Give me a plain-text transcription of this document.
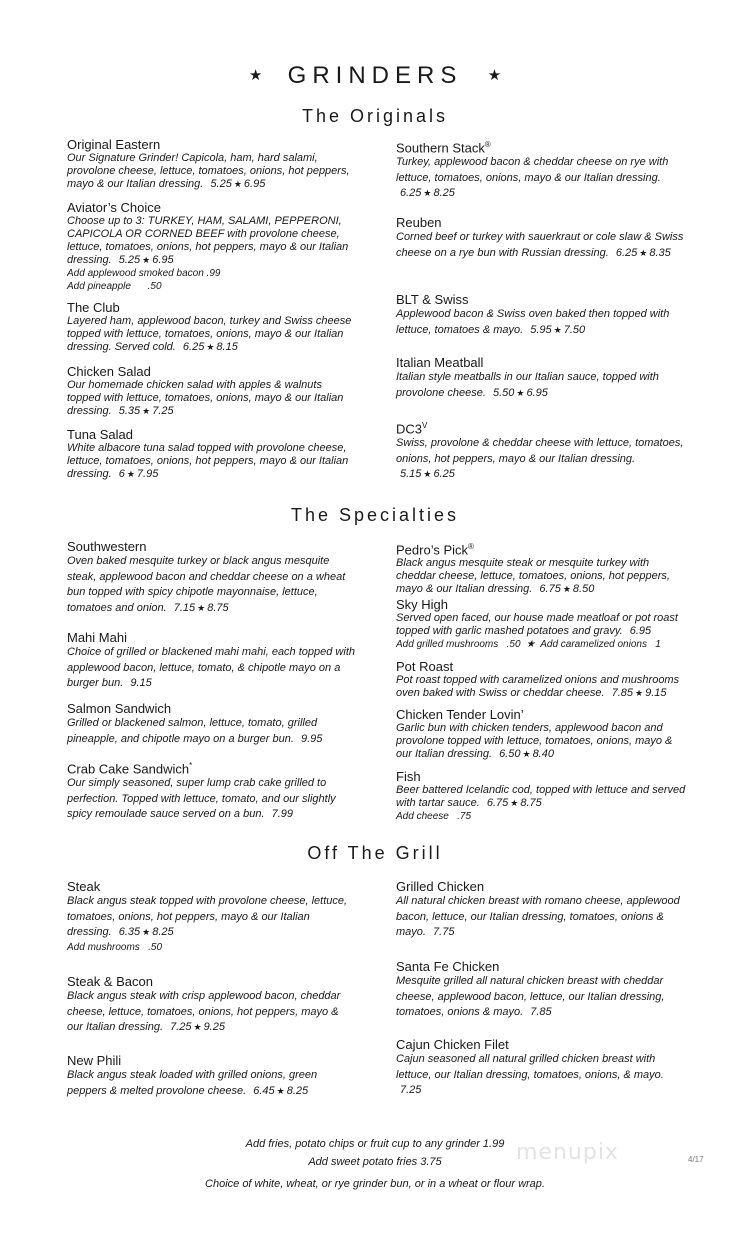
★ GRINDERS ★
The Originals
Original Eastern
Our Signature Grinder! Capicola, ham, hard salami, provolone cheese, lettuce, tomatoes, onions, hot peppers, mayo & our Italian dressing. 5.25 ★ 6.95
Aviator’s Choice
Choose up to 3: TURKEY, HAM, SALAMI, PEPPERONI, CAPICOLA OR CORNED BEEF with provolone cheese, lettuce, tomatoes, onions, hot peppers, mayo & our Italian dressing. 5.25 ★ 6.95
Add applewood smoked bacon .99
Add pineapple      .50
The Club
Layered ham, applewood bacon, turkey and Swiss cheese topped with lettuce, tomatoes, onions, mayo & our Italian dressing. Served cold. 6.25 ★ 8.15
Chicken Salad
Our homemade chicken salad with apples & walnuts topped with lettuce, tomatoes, onions, mayo & our Italian dressing. 5.35 ★ 7.25
Tuna Salad
White albacore tuna salad topped with provolone cheese, lettuce, tomatoes, onions, hot peppers, mayo & our Italian dressing. 6 ★ 7.95
Southern Stack®
Turkey, applewood bacon & cheddar cheese on rye with lettuce, tomatoes, onions, mayo & our Italian dressing. 6.25 ★ 8.25
Reuben
Corned beef or turkey with sauerkraut or cole slaw & Swiss cheese on a rye bun with Russian dressing. 6.25 ★ 8.35
BLT & Swiss
Applewood bacon & Swiss oven baked then topped with lettuce, tomatoes & mayo. 5.95 ★ 7.50
Italian Meatball
Italian style meatballs in our Italian sauce, topped with provolone cheese. 5.50 ★ 6.95
$DC3^V$
Swiss, provolone & cheddar cheese with lettuce, tomatoes, onions, hot peppers, mayo & our Italian dressing. 5.15 ★ 6.25
The Specialties
Southwestern
Oven baked mesquite turkey or black angus mesquite steak, applewood bacon and cheddar cheese on a wheat bun topped with spicy chipotle mayonnaise, lettuce, tomatoes and onion. 7.15 ★ 8.75
Mahi Mahi
Choice of grilled or blackened mahi mahi, each topped with applewood bacon, lettuce, tomato, & chipotle mayo on a burger bun. 9.15
Salmon Sandwich
Grilled or blackened salmon, lettuce, tomato, grilled pineapple, and chipotle mayo on a burger bun. 9.95
Crab Cake Sandwich*
Our simply seasoned, super lump crab cake grilled to perfection. Topped with lettuce, tomato, and our slightly spicy remoulade sauce served on a bun. 7.99
Pedro’s Pick®
Black angus mesquite steak or mesquite turkey with cheddar cheese, lettuce, tomatoes, onions, hot peppers, mayo & our Italian dressing. 6.75 ★ 8.50
Sky High
Served open faced, our house made meatloaf or pot roast topped with garlic mashed potatoes and gravy. 6.95
Add grilled mushrooms   .50  ★  Add caramelized onions   1
Pot Roast
Pot roast topped with caramelized onions and mushrooms oven baked with Swiss or cheddar cheese. 7.85 ★ 9.15
Chicken Tender Lovin’
Garlic bun with chicken tenders, applewood bacon and provolone topped with lettuce, tomatoes, onions, mayo & our Italian dressing. 6.50 ★ 8.40
Fish
Beer battered Icelandic cod, topped with lettuce and served with tartar sauce. 6.75 ★ 8.75
Add cheese   .75
Off The Grill
Steak
Black angus steak topped with provolone cheese, lettuce, tomatoes, onions, hot peppers, mayo & our Italian dressing. 6.35 ★ 8.25
Add mushrooms   .50
Steak & Bacon
Black angus steak with crisp applewood bacon, cheddar cheese, lettuce, tomatoes, onions, hot peppers, mayo & our Italian dressing. 7.25 ★ 9.25
New Phili
Black angus steak loaded with grilled onions, green peppers & melted provolone cheese. 6.45 ★ 8.25
Grilled Chicken
All natural chicken breast with romano cheese, applewood bacon, lettuce, our Italian dressing, tomatoes, onions & mayo. 7.75
Santa Fe Chicken
Mesquite grilled all natural chicken breast with cheddar cheese, applewood bacon, lettuce, our Italian dressing, tomatoes, onions & mayo. 7.85
Cajun Chicken Filet
Cajun seasoned all natural grilled chicken breast with lettuce, our Italian dressing, tomatoes, onions, & mayo. 7.25
Add fries, potato chips or fruit cup to any grinder 1.99
Add sweet potato fries 3.75
Choice of white, wheat, or rye grinder bun, or in a wheat or flour wrap.
menupix	4/17
